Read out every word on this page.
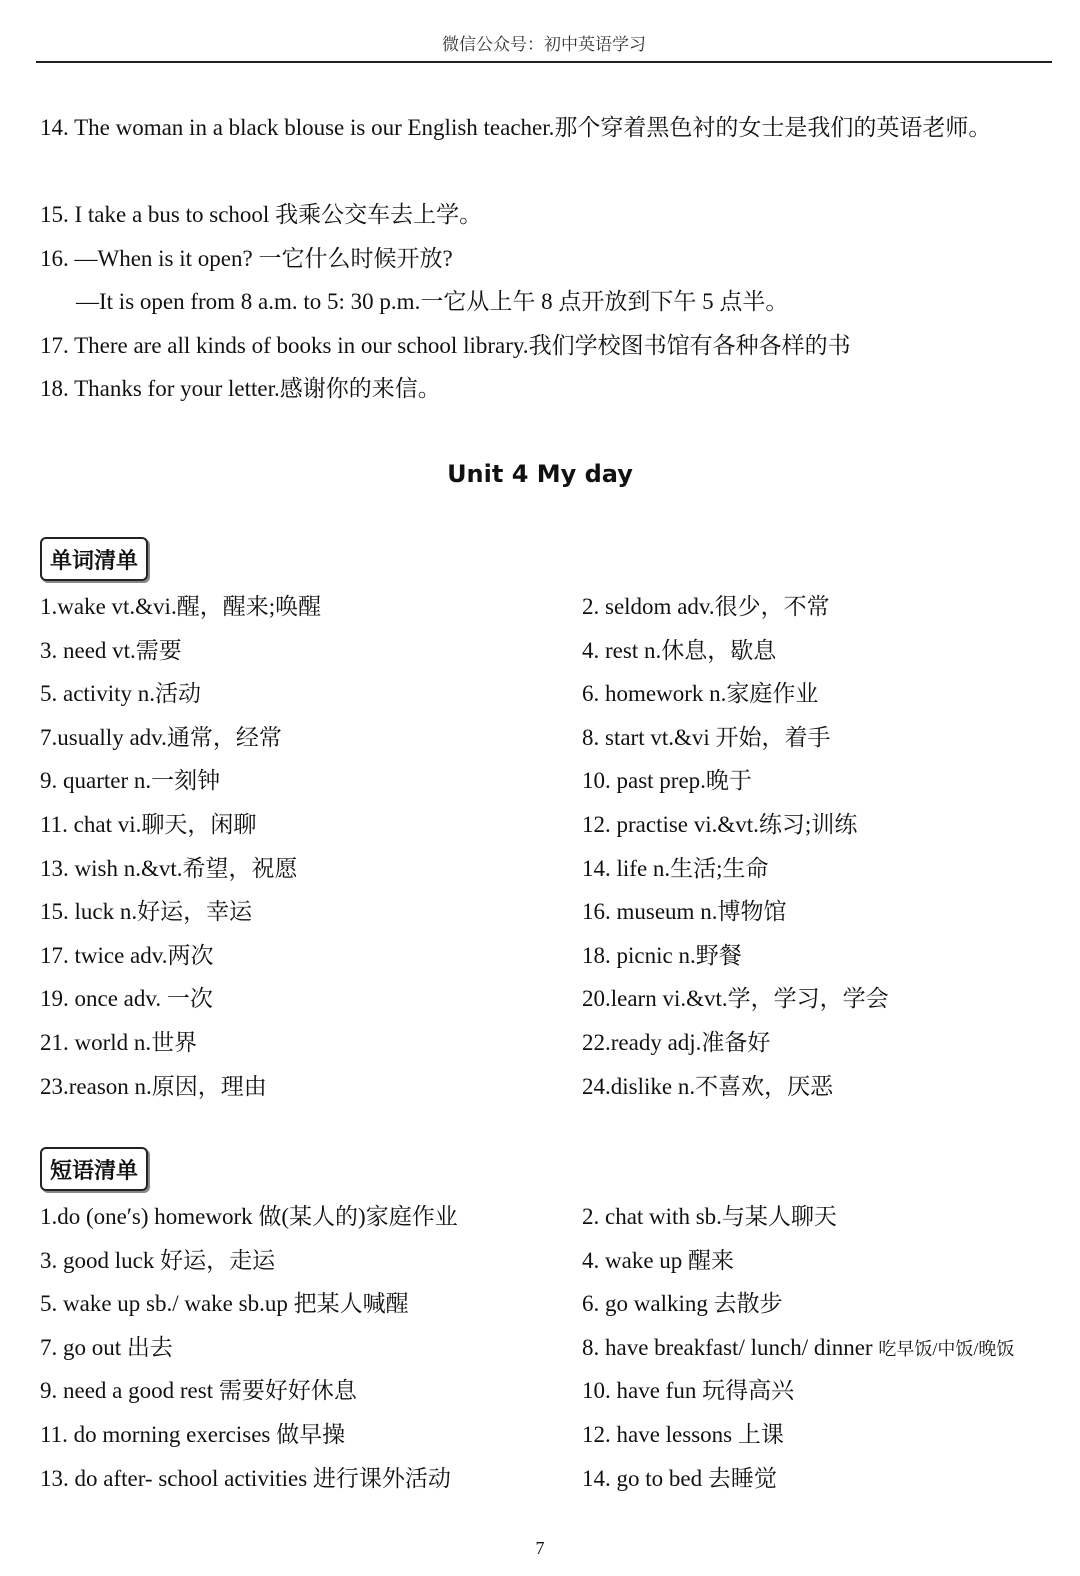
微信公众号：初中英语学习
14. The woman in a black blouse is our English teacher.那个穿着黑色衬的女士是我们的英语老师。
15. I take a bus to school 我乘公交车去上学。
16. —When is it open? 一它什么时候开放?
—It is open from 8 a.m. to 5: 30 p.m.一它从上午 8 点开放到下午 5 点半。
17. There are all kinds of books in our school library.我们学校图书馆有各种各样的书
18. Thanks for your letter.感谢你的来信。
Unit 4 My day
单词清单
1.wake vt.&vi.醒，醒来;唤醒	2. seldom adv.很少，不常
3. need vt.需要	4. rest n.休息，歇息
5. activity n.活动	6. homework n.家庭作业
7.usually adv.通常，经常	8. start vt.&vi 开始，着手
9. quarter n.一刻钟	10. past prep.晚于
11. chat vi.聊天，闲聊	12. practise vi.&vt.练习;训练
13. wish n.&vt.希望，祝愿	14. life n.生活;生命
15. luck n.好运，幸运	16. museum n.博物馆
17. twice adv.两次	18. picnic n.野餐
19. once adv. 一次	20.learn vi.&vt.学，学习，学会
21. world n.世界	22.ready adj.准备好
23.reason n.原因，理由	24.dislike n.不喜欢，厌恶
短语清单
1.do (one′s) homework 做(某人的)家庭作业	2. chat with sb.与某人聊天
3. good luck 好运，走运	4. wake up 醒来
5. wake up sb./ wake sb.up 把某人喊醒	6. go walking 去散步
7. go out 出去	8. have breakfast/ lunch/ dinner 吃早饭/中饭/晚饭
9. need a good rest 需要好好休息	10. have fun 玩得高兴
11. do morning exercises 做早操	12. have lessons 上课
13. do after- school activities 进行课外活动	14. go to bed 去睡觉
7
